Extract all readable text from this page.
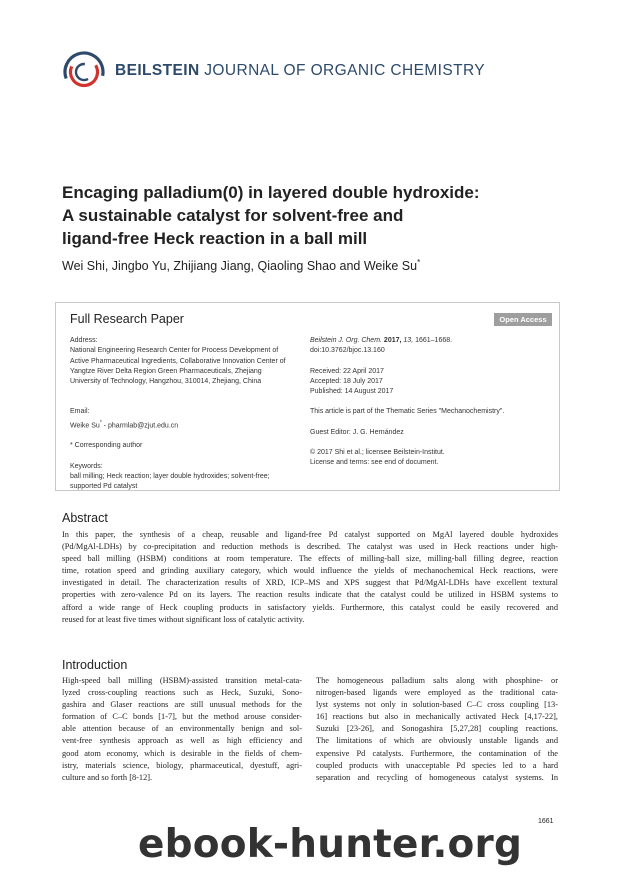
BEILSTEIN JOURNAL OF ORGANIC CHEMISTRY
Encaging palladium(0) in layered double hydroxide:
A sustainable catalyst for solvent-free and
ligand-free Heck reaction in a ball mill
Wei Shi, Jingbo Yu, Zhijiang Jiang, Qiaoling Shao and Weike Su*
Full Research Paper	Open Access
Address:
National Engineering Research Center for Process Development of
Active Pharmaceutical Ingredients, Collaborative Innovation Center of
Yangtze River Delta Region Green Pharmaceuticals, Zhejiang
University of Technology, Hangzhou, 310014, Zhejiang, China
Email:
Weike Su* - pharmlab@zjut.edu.cn
* Corresponding author
Keywords:
ball milling; Heck reaction; layer double hydroxides; solvent-free;
supported Pd catalyst
Beilstein J. Org. Chem. 2017, 13, 1661–1668.
doi:10.3762/bjoc.13.160
Received: 22 April 2017
Accepted: 18 July 2017
Published: 14 August 2017
This article is part of the Thematic Series "Mechanochemistry".
Guest Editor: J. G. Hernández
© 2017 Shi et al.; licensee Beilstein-Institut.
License and terms: see end of document.
Abstract
In this paper, the synthesis of a cheap, reusable and ligand-free Pd catalyst supported on MgAl layered double hydroxides
(Pd/MgAl-LDHs) by co-precipitation and reduction methods is described. The catalyst was used in Heck reactions under high-
speed ball milling (HSBM) conditions at room temperature. The effects of milling-ball size, milling-ball filling degree, reaction
time, rotation speed and grinding auxiliary category, which would influence the yields of mechanochemical Heck reactions, were
investigated in detail. The characterization results of XRD, ICP–MS and XPS suggest that Pd/MgAl-LDHs have excellent textural
properties with zero-valence Pd on its layers. The reaction results indicate that the catalyst could be utilized in HSBM systems to
afford a wide range of Heck coupling products in satisfactory yields. Furthermore, this catalyst could be easily recovered and
reused for at least five times without significant loss of catalytic activity.
Introduction
High-speed ball milling (HSBM)-assisted transition metal-cata-
lyzed cross-coupling reactions such as Heck, Suzuki, Sono-
gashira and Glaser reactions are still unusual methods for the
formation of C–C bonds [1-7], but the method arouse consider-
able attention because of an environmentally benign and sol-
vent-free synthesis approach as well as high efficiency and
good atom economy, which is desirable in the fields of chem-
istry, materials science, biology, pharmaceutical, dyestuff, agri-
culture and so forth [8-12].
The homogeneous palladium salts along with phosphine- or
nitrogen-based ligands were employed as the traditional cata-
lyst systems not only in solution-based C–C cross coupling [13-
16] reactions but also in mechanically activated Heck [4,17-22],
Suzuki [23-26], and Sonogashira [5,27,28] coupling reactions.
The limitations of which are obviously unstable ligands and
expensive Pd catalysts. Furthermore, the contamination of the
coupled products with unacceptable Pd species led to a hard
separation and recycling of homogeneous catalyst systems. In
1661
ebook-hunter.org
